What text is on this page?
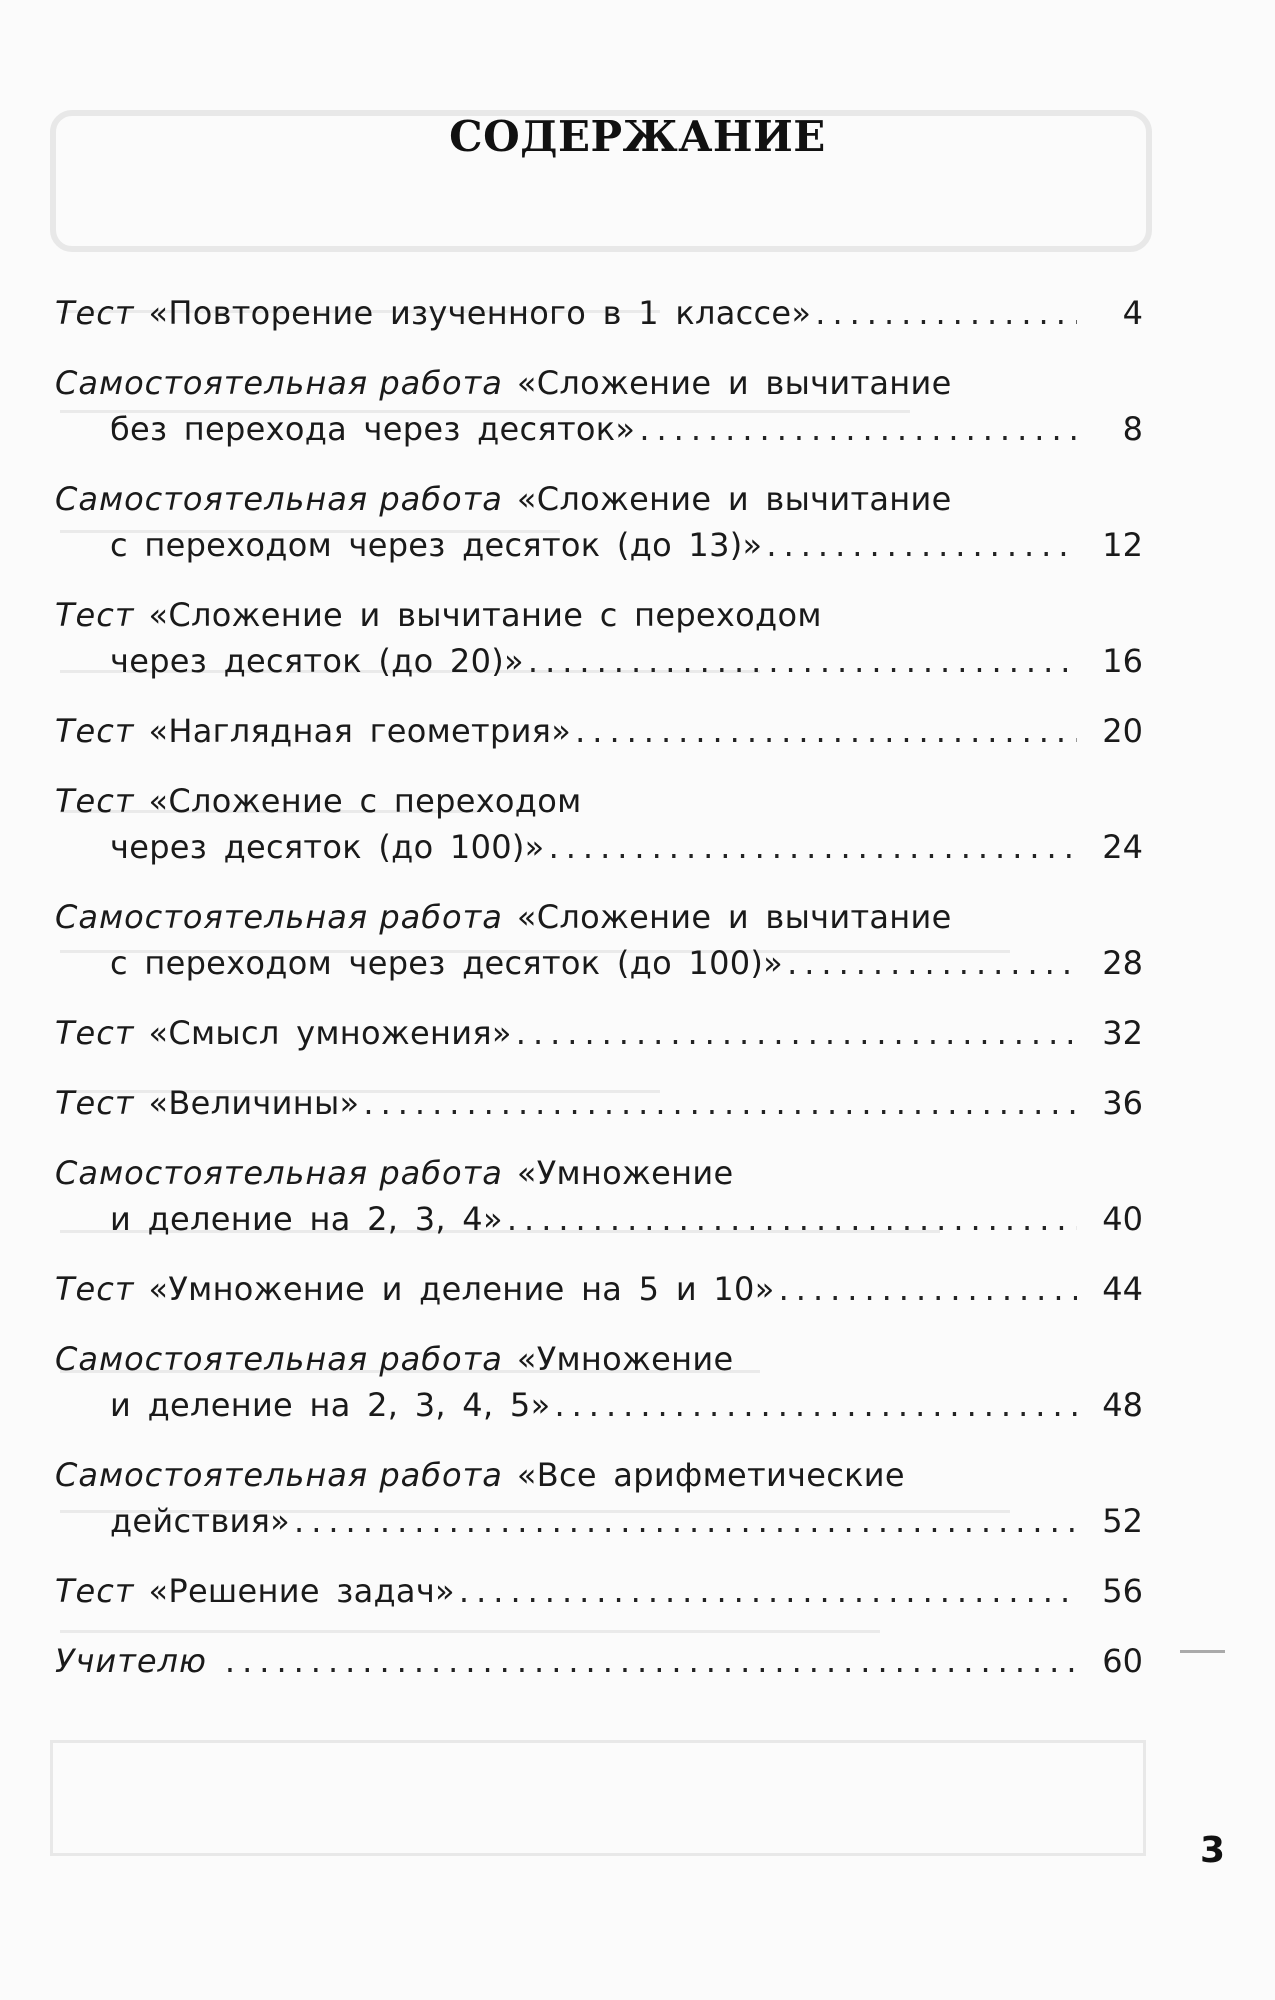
СОДЕРЖАНИЕ
Тест «Повторение изученного в 1 классе» .....	4
Самостоятельная работа «Сложение и вычитание
без перехода через десяток» .....	8
Самостоятельная работа «Сложение и вычитание
с переходом через десяток (до 13)» .....	12
Тест «Сложение и вычитание с переходом
через десяток (до 20)» .....	16
Тест «Наглядная геометрия» .....	20
Тест «Сложение с переходом
через десяток (до 100)» .....	24
Самостоятельная работа «Сложение и вычитание
с переходом через десяток (до 100)» .....	28
Тест «Смысл умножения» .....	32
Тест «Величины» .....	36
Самостоятельная работа «Умножение
и деление на 2, 3, 4» .....	40
Тест «Умножение и деление на 5 и 10» .....	44
Самостоятельная работа «Умножение
и деление на 2, 3, 4, 5» .....	48
Самостоятельная работа «Все арифметические
действия» .....	52
Тест «Решение задач» .....	56
Учителю .....	60
3
